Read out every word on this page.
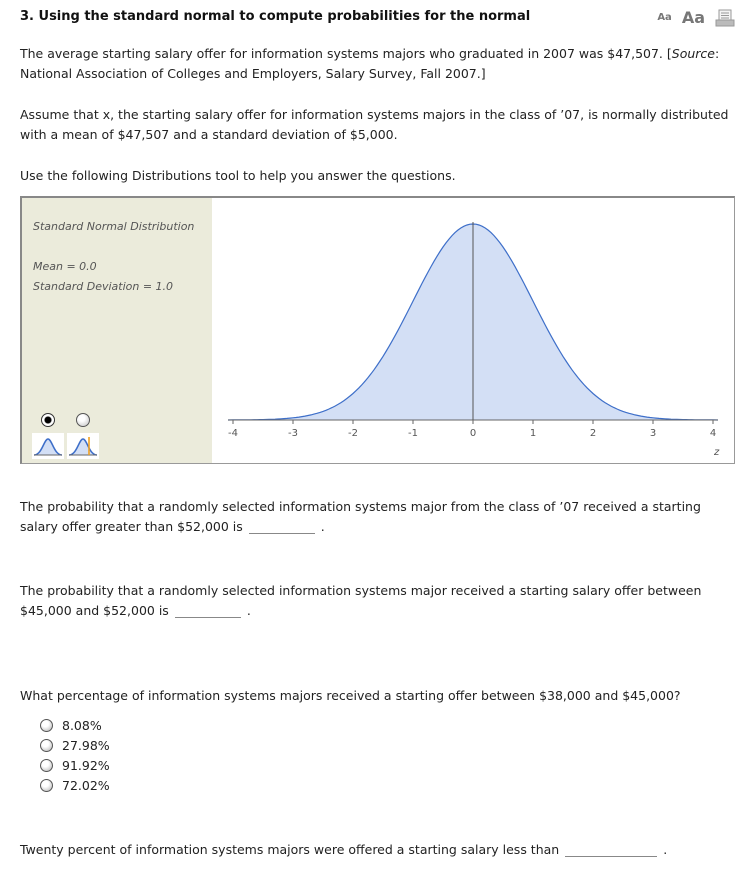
3. Using the standard normal to compute probabilities for the normal	Aa Aa
The average starting salary offer for information systems majors who graduated in 2007 was $47,507. [Source: National Association of Colleges and Employers, Salary Survey, Fall 2007.]
Assume that x, the starting salary offer for information systems majors in the class of ’07, is normally distributed with a mean of $47,507 and a standard deviation of $5,000.
Use the following Distributions tool to help you answer the questions.
Standard Normal Distribution
Mean = 0.0
Standard Deviation = 1.0
-4	-3	-2	-1	0	1	2	3	4
z
The probability that a randomly selected information systems major from the class of ’07 received a starting salary offer greater than $52,000 is	.
The probability that a randomly selected information systems major received a starting salary offer between $45,000 and $52,000 is	.
What percentage of information systems majors received a starting offer between $38,000 and $45,000?
8.08%
27.98%
91.92%
72.02%
Twenty percent of information systems majors were offered a starting salary less than	.
